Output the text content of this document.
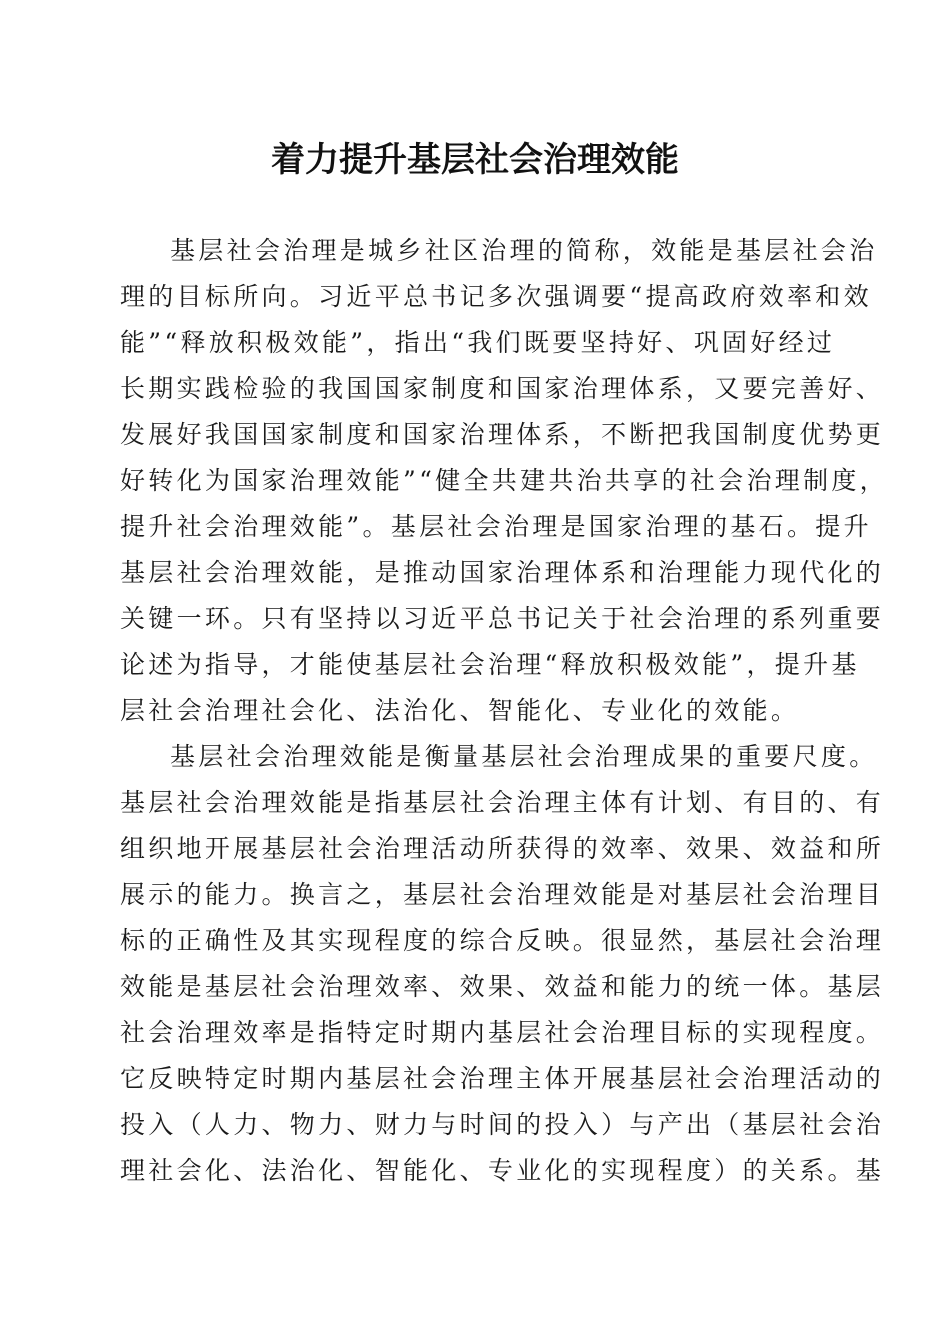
着力提升基层社会治理效能
基层社会治理是城乡社区治理的简称，效能是基层社会治
理的目标所向。习近平总书记多次强调要“提高政府效率和效
能”“释放积极效能”，指出“我们既要坚持好、巩固好经过
长期实践检验的我国国家制度和国家治理体系，又要完善好、
发展好我国国家制度和国家治理体系，不断把我国制度优势更
好转化为国家治理效能”“健全共建共治共享的社会治理制度，
提升社会治理效能”。基层社会治理是国家治理的基石。提升
基层社会治理效能，是推动国家治理体系和治理能力现代化的
关键一环。只有坚持以习近平总书记关于社会治理的系列重要
论述为指导，才能使基层社会治理“释放积极效能”，提升基
层社会治理社会化、法治化、智能化、专业化的效能。
基层社会治理效能是衡量基层社会治理成果的重要尺度。
基层社会治理效能是指基层社会治理主体有计划、有目的、有
组织地开展基层社会治理活动所获得的效率、效果、效益和所
展示的能力。换言之，基层社会治理效能是对基层社会治理目
标的正确性及其实现程度的综合反映。很显然，基层社会治理
效能是基层社会治理效率、效果、效益和能力的统一体。基层
社会治理效率是指特定时期内基层社会治理目标的实现程度。
它反映特定时期内基层社会治理主体开展基层社会治理活动的
投入（人力、物力、财力与时间的投入）与产出（基层社会治
理社会化、法治化、智能化、专业化的实现程度）的关系。基
